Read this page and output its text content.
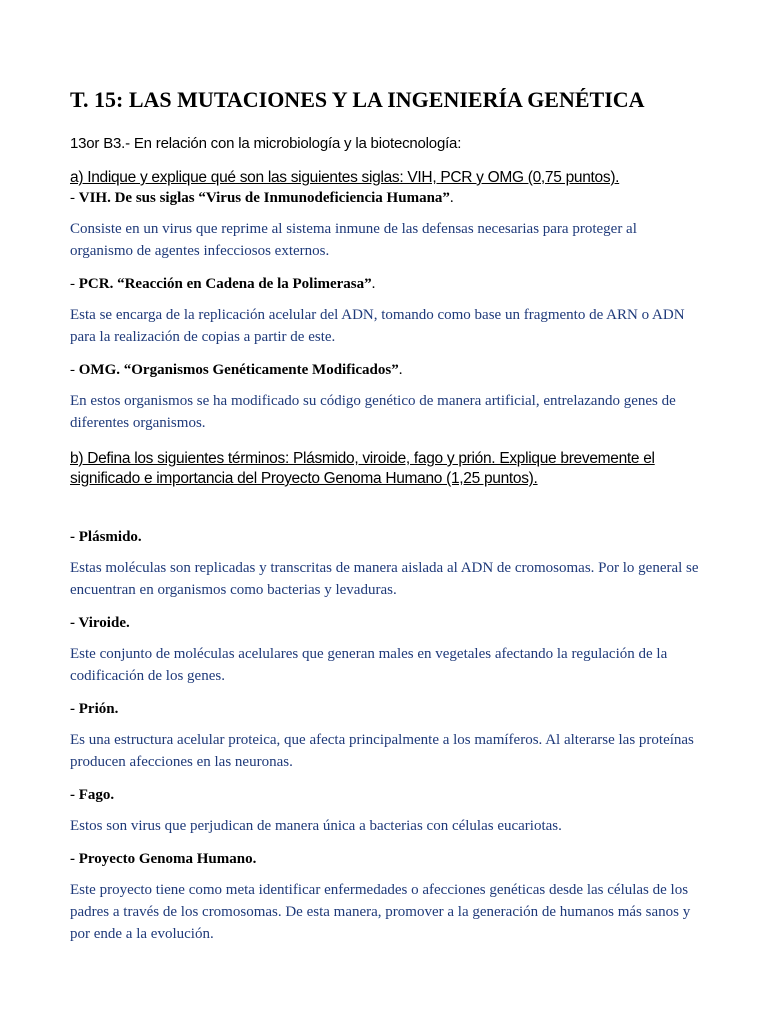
T. 15: LAS MUTACIONES Y LA INGENIERÍA GENÉTICA

13or B3.- En relación con la microbiología y la biotecnología:

a) Indique y explique qué son las siguientes siglas: VIH, PCR y OMG (0,75 puntos).

- VIH. De sus siglas “Virus de Inmunodeficiencia Humana”.

Consiste en un virus que reprime al sistema inmune de las defensas necesarias para proteger al organismo de agentes infecciosos externos.

- PCR. “Reacción en Cadena de la Polimerasa”.

Esta se encarga de la replicación acelular del ADN, tomando como base un fragmento de ARN o ADN para la realización de copias a partir de este.

- OMG. “Organismos Genéticamente Modificados”.

En estos organismos se ha modificado su código genético de manera artificial, entrelazando genes de diferentes organismos.

b) Defina los siguientes términos: Plásmido, viroide, fago y prión. Explique brevemente el significado e importancia del Proyecto Genoma Humano (1,25 puntos).

- Plásmido.

Estas moléculas son replicadas y transcritas de manera aislada al ADN de cromosomas. Por lo general se encuentran en organismos como bacterias y levaduras.

- Viroide.

Este conjunto de moléculas acelulares que generan males en vegetales afectando la regulación de la codificación de los genes.

- Prión.

Es una estructura acelular proteica, que afecta principalmente a los mamíferos. Al alterarse las proteínas producen afecciones en las neuronas.

- Fago.

Estos son virus que perjudican de manera única a bacterias con células eucariotas.

- Proyecto Genoma Humano.

Este proyecto tiene como meta identificar enfermedades o afecciones genéticas desde las células de los padres a través de los cromosomas. De esta manera, promover a la generación de humanos más sanos y por ende a la evolución.
